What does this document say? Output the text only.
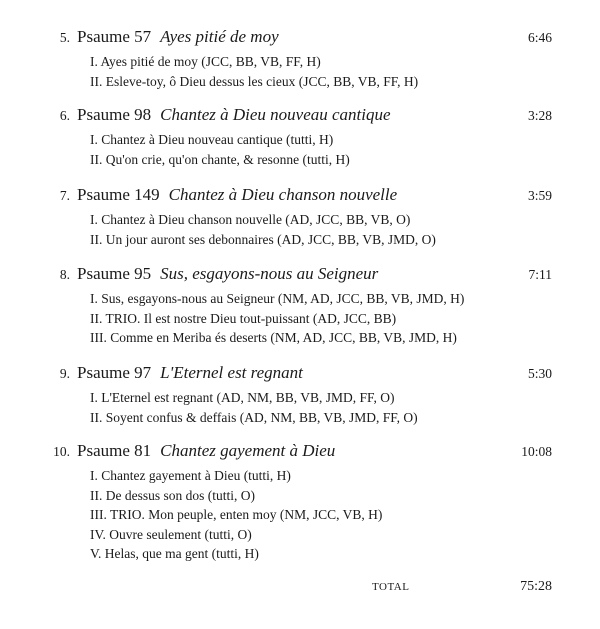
5. Psaume 57 Ayes pitié de moy	6:46
I. Ayes pitié de moy (JCC, BB, VB, FF, H)
II. Esleve-toy, ô Dieu dessus les cieux (JCC, BB, VB, FF, H)
6. Psaume 98 Chantez à Dieu nouveau cantique	3:28
I. Chantez à Dieu nouveau cantique (tutti, H)
II. Qu'on crie, qu'on chante, & resonne (tutti, H)
7. Psaume 149 Chantez à Dieu chanson nouvelle	3:59
I. Chantez à Dieu chanson nouvelle (AD, JCC, BB, VB, O)
II. Un jour auront ses debonnaires (AD, JCC, BB, VB, JMD, O)
8. Psaume 95 Sus, esgayons-nous au Seigneur	7:11
I. Sus, esgayons-nous au Seigneur (NM, AD, JCC, BB, VB, JMD, H)
II. TRIO. Il est nostre Dieu tout-puissant (AD, JCC, BB)
III. Comme en Meriba és deserts (NM, AD, JCC, BB, VB, JMD, H)
9. Psaume 97 L'Eternel est regnant	5:30
I. L'Eternel est regnant (AD, NM, BB, VB, JMD, FF, O)
II. Soyent confus & deffais (AD, NM, BB, VB, JMD, FF, O)
10. Psaume 81 Chantez gayement à Dieu	10:08
I. Chantez gayement à Dieu (tutti, H)
II. De dessus son dos (tutti, O)
III. TRIO. Mon peuple, enten moy (NM, JCC, VB, H)
IV. Ouvre seulement (tutti, O)
V. Helas, que ma gent (tutti, H)
TOTAL	75:28
